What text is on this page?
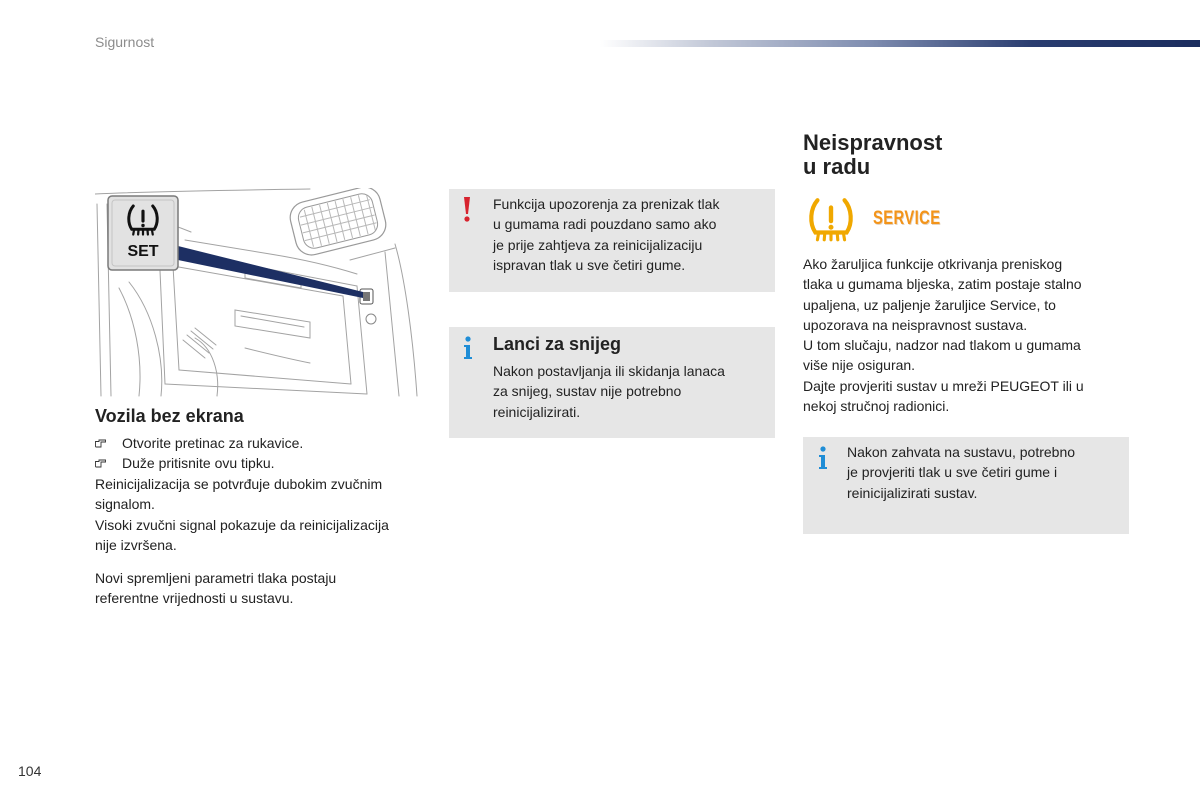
Sigurnost
SET
Vozila bez ekrana
Otvorite pretinac za rukavice.
Duže pritisnite ovu tipku.
Reinicijalizacija se potvrđuje dubokim zvučnim
signalom.
Visoki zvučni signal pokazuje da reinicijalizacija
nije izvršena.
Novi spremljeni parametri tlaka postaju
referentne vrijednosti u sustavu.
Funkcija upozorenja za prenizak tlak
u gumama radi pouzdano samo ako
je prije zahtjeva za reinicijalizaciju
ispravan tlak u sve četiri gume.
Lanci za snijeg
Nakon postavljanja ili skidanja lanaca
za snijeg, sustav nije potrebno
reinicijalizirati.
Neispravnost
u radu
SERVICE
Ako žaruljica funkcije otkrivanja preniskog
tlaka u gumama bljeska, zatim postaje stalno
upaljena, uz paljenje žaruljice Service, to
upozorava na neispravnost sustava.
U tom slučaju, nadzor nad tlakom u gumama
više nije osiguran.
Dajte provjeriti sustav u mreži PEUGEOT ili u
nekoj stručnoj radionici.
Nakon zahvata na sustavu, potrebno
je provjeriti tlak u sve četiri gume i
reinicijalizirati sustav.
104
